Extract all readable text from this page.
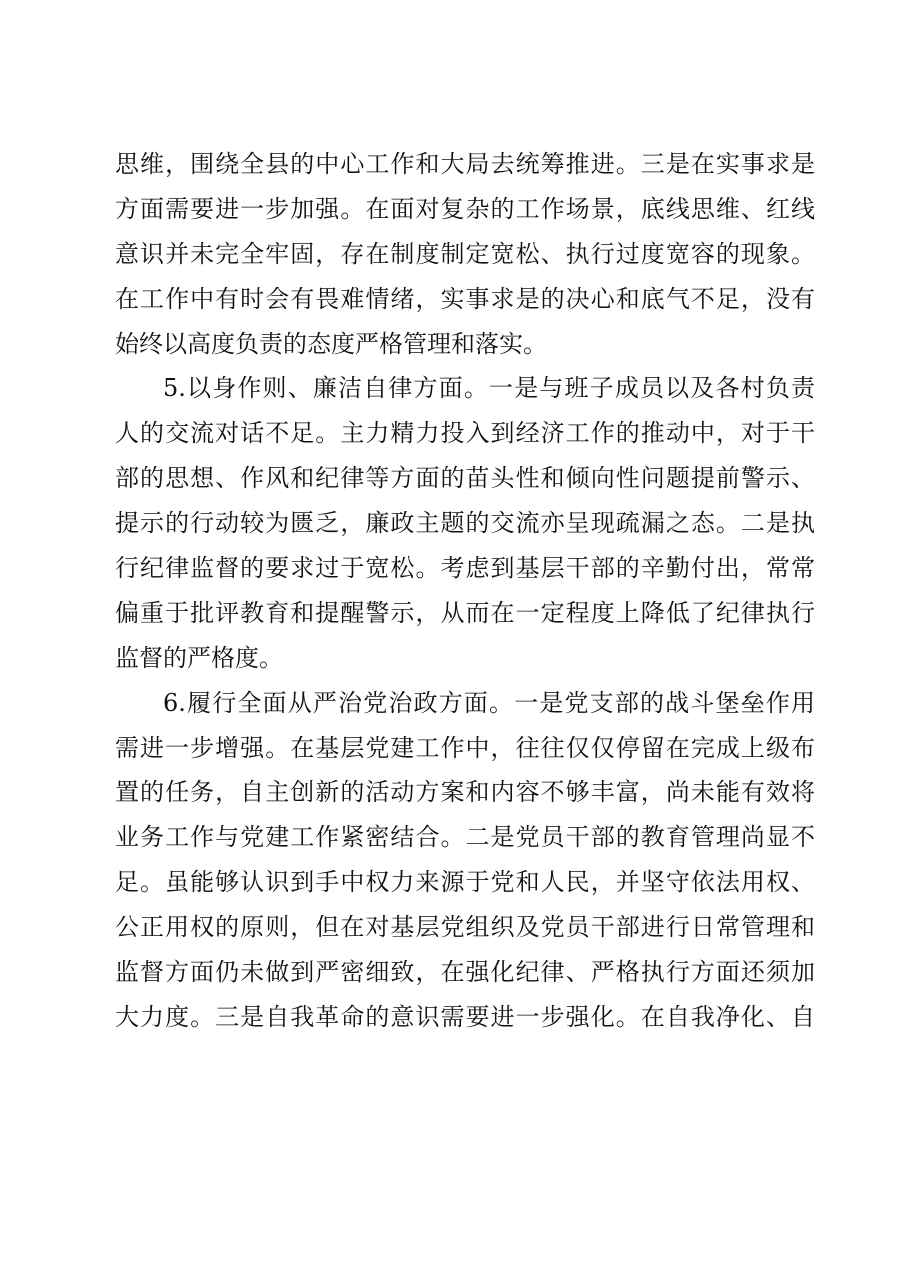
思维，围绕全县的中心工作和大局去统筹推进。三是在实事求是
方面需要进一步加强。在面对复杂的工作场景，底线思维、红线
意识并未完全牢固，存在制度制定宽松、执行过度宽容的现象。
在工作中有时会有畏难情绪，实事求是的决心和底气不足，没有
始终以高度负责的态度严格管理和落实。
5.以身作则、廉洁自律方面。一是与班子成员以及各村负责
人的交流对话不足。主力精力投入到经济工作的推动中，对于干
部的思想、作风和纪律等方面的苗头性和倾向性问题提前警示、
提示的行动较为匮乏，廉政主题的交流亦呈现疏漏之态。二是执
行纪律监督的要求过于宽松。考虑到基层干部的辛勤付出，常常
偏重于批评教育和提醒警示，从而在一定程度上降低了纪律执行
监督的严格度。
6.履行全面从严治党治政方面。一是党支部的战斗堡垒作用
需进一步增强。在基层党建工作中，往往仅仅停留在完成上级布
置的任务，自主创新的活动方案和内容不够丰富，尚未能有效将
业务工作与党建工作紧密结合。二是党员干部的教育管理尚显不
足。虽能够认识到手中权力来源于党和人民，并坚守依法用权、
公正用权的原则，但在对基层党组织及党员干部进行日常管理和
监督方面仍未做到严密细致，在强化纪律、严格执行方面还须加
大力度。三是自我革命的意识需要进一步强化。在自我净化、自
